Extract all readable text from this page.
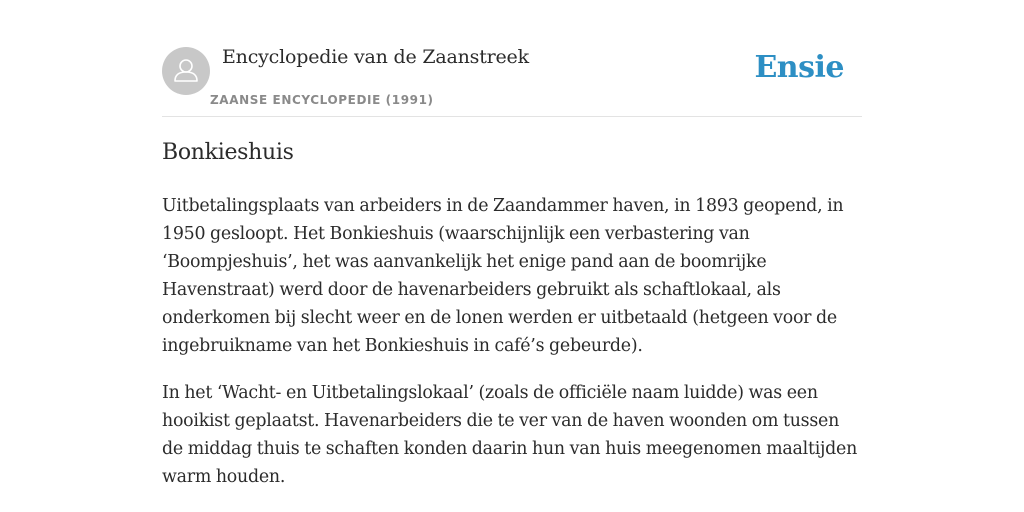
Encyclopedie van de Zaanstreek
ZAANSE ENCYCLOPEDIE (1991)
Ensie
Bonkieshuis

Uitbetalingsplaats van arbeiders in de Zaandammer haven, in 1893 geopend, in 1950 gesloopt. Het Bonkieshuis (waarschijnlijk een verbastering van ‘Boompjeshuis’, het was aanvankelijk het enige pand aan de boomrijke Havenstraat) werd door de havenarbeiders gebruikt als schaftlokaal, als onderkomen bij slecht weer en de lonen werden er uitbetaald (hetgeen voor de ingebruikname van het Bonkieshuis in café’s gebeurde).

In het ‘Wacht- en Uitbetalingslokaal’ (zoals de officiële naam luidde) was een hooikist geplaatst. Havenarbeiders die te ver van de haven woonden om tussen de middag thuis te schaften konden daarin hun van huis meegenomen maaltijden warm houden.
